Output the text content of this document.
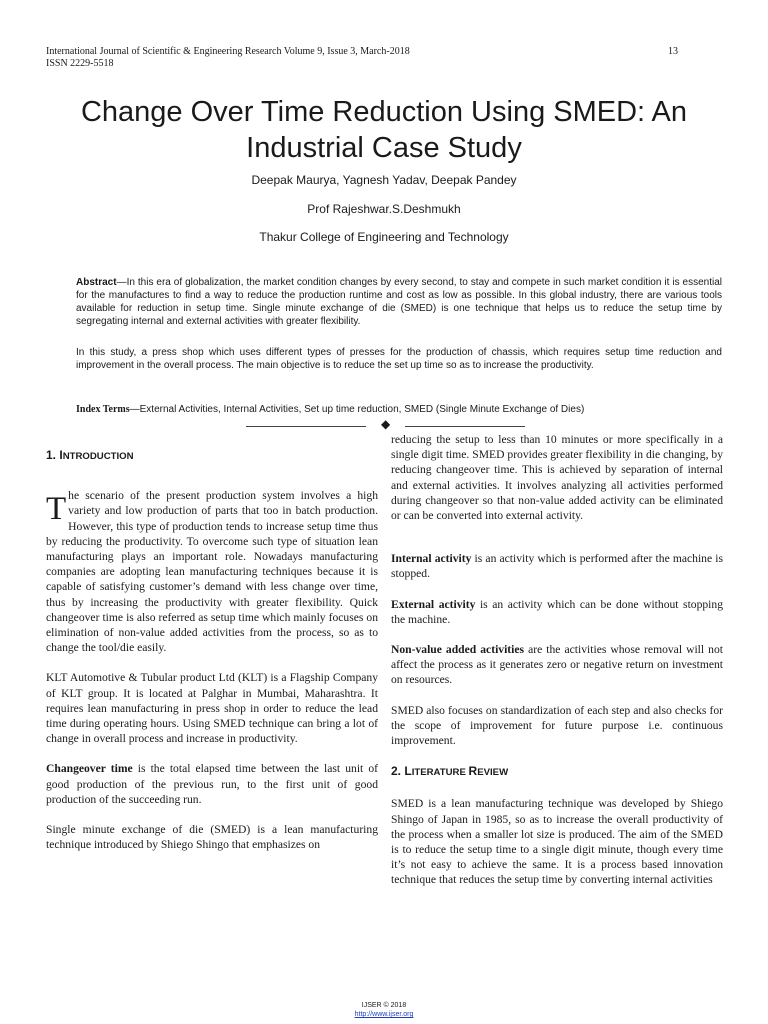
International Journal of Scientific & Engineering Research Volume 9, Issue 3, March-2018
ISSN 2229-5518
13
Change Over Time Reduction Using SMED: An Industrial Case Study
Deepak Maurya, Yagnesh Yadav, Deepak Pandey
Prof Rajeshwar.S.Deshmukh
Thakur College of Engineering and Technology
Abstract—In this era of globalization, the market condition changes by every second, to stay and compete in such market condition it is essential for the manufactures to find a way to reduce the production runtime and cost as low as possible. In this global industry, there are various tools available for reduction in setup time. Single minute exchange of die (SMED) is one technique that helps us to reduce the setup time by segregating internal and external activities with greater flexibility.
In this study, a press shop which uses different types of presses for the production of chassis, which requires setup time reduction and improvement in the overall process. The main objective is to reduce the set up time so as to increase the productivity.
Index Terms—External Activities, Internal Activities, Set up time reduction, SMED (Single Minute Exchange of Dies)
◆
1. INTRODUCTION

The scenario of the present production system involves a high variety and low production of parts that too in batch production. However, this type of production tends to increase setup time thus by reducing the productivity. To overcome such type of situation lean manufacturing plays an important role. Nowadays manufacturing companies are adopting lean manufacturing techniques because it is capable of satisfying customer’s demand with less change over time, thus by increasing the productivity with greater flexibility. Quick changeover time is also referred as setup time which mainly focuses on elimination of non-value added activities from the process, so as to change the tool/die easily.

KLT Automotive & Tubular product Ltd (KLT) is a Flagship Company of KLT group. It is located at Palghar in Mumbai, Maharashtra. It requires lean manufacturing in press shop in order to reduce the lead time during operating hours. Using SMED technique can bring a lot of change in overall process and increase in productivity.

Changeover time is the total elapsed time between the last unit of good production of the previous run, to the first unit of good production of the succeeding run.

Single minute exchange of die (SMED) is a lean manufacturing technique introduced by Shiego Shingo that emphasizes on

reducing the setup to less than 10 minutes or more specifically in a single digit time. SMED provides greater flexibility in die changing, by reducing changeover time. This is achieved by separation of internal and external activities. It involves analyzing all activities performed during changeover so that non-value added activity can be eliminated or can be converted into external activity.

Internal activity is an activity which is performed after the machine is stopped.

External activity is an activity which can be done without stopping the machine.

Non-value added activities are the activities whose removal will not affect the process as it generates zero or negative return on investment on resources.

SMED also focuses on standardization of each step and also checks for the scope of improvement for future purpose i.e. continuous improvement.

2. LITERATURE REVIEW

SMED is a lean manufacturing technique was developed by Shiego Shingo of Japan in 1985, so as to increase the overall productivity of the process when a smaller lot size is produced. The aim of the SMED is to reduce the setup time to a single digit minute, though every time it’s not easy to achieve the same. It is a process based innovation technique that reduces the setup time by converting internal activities

IJSER © 2018
http://www.ijser.org
